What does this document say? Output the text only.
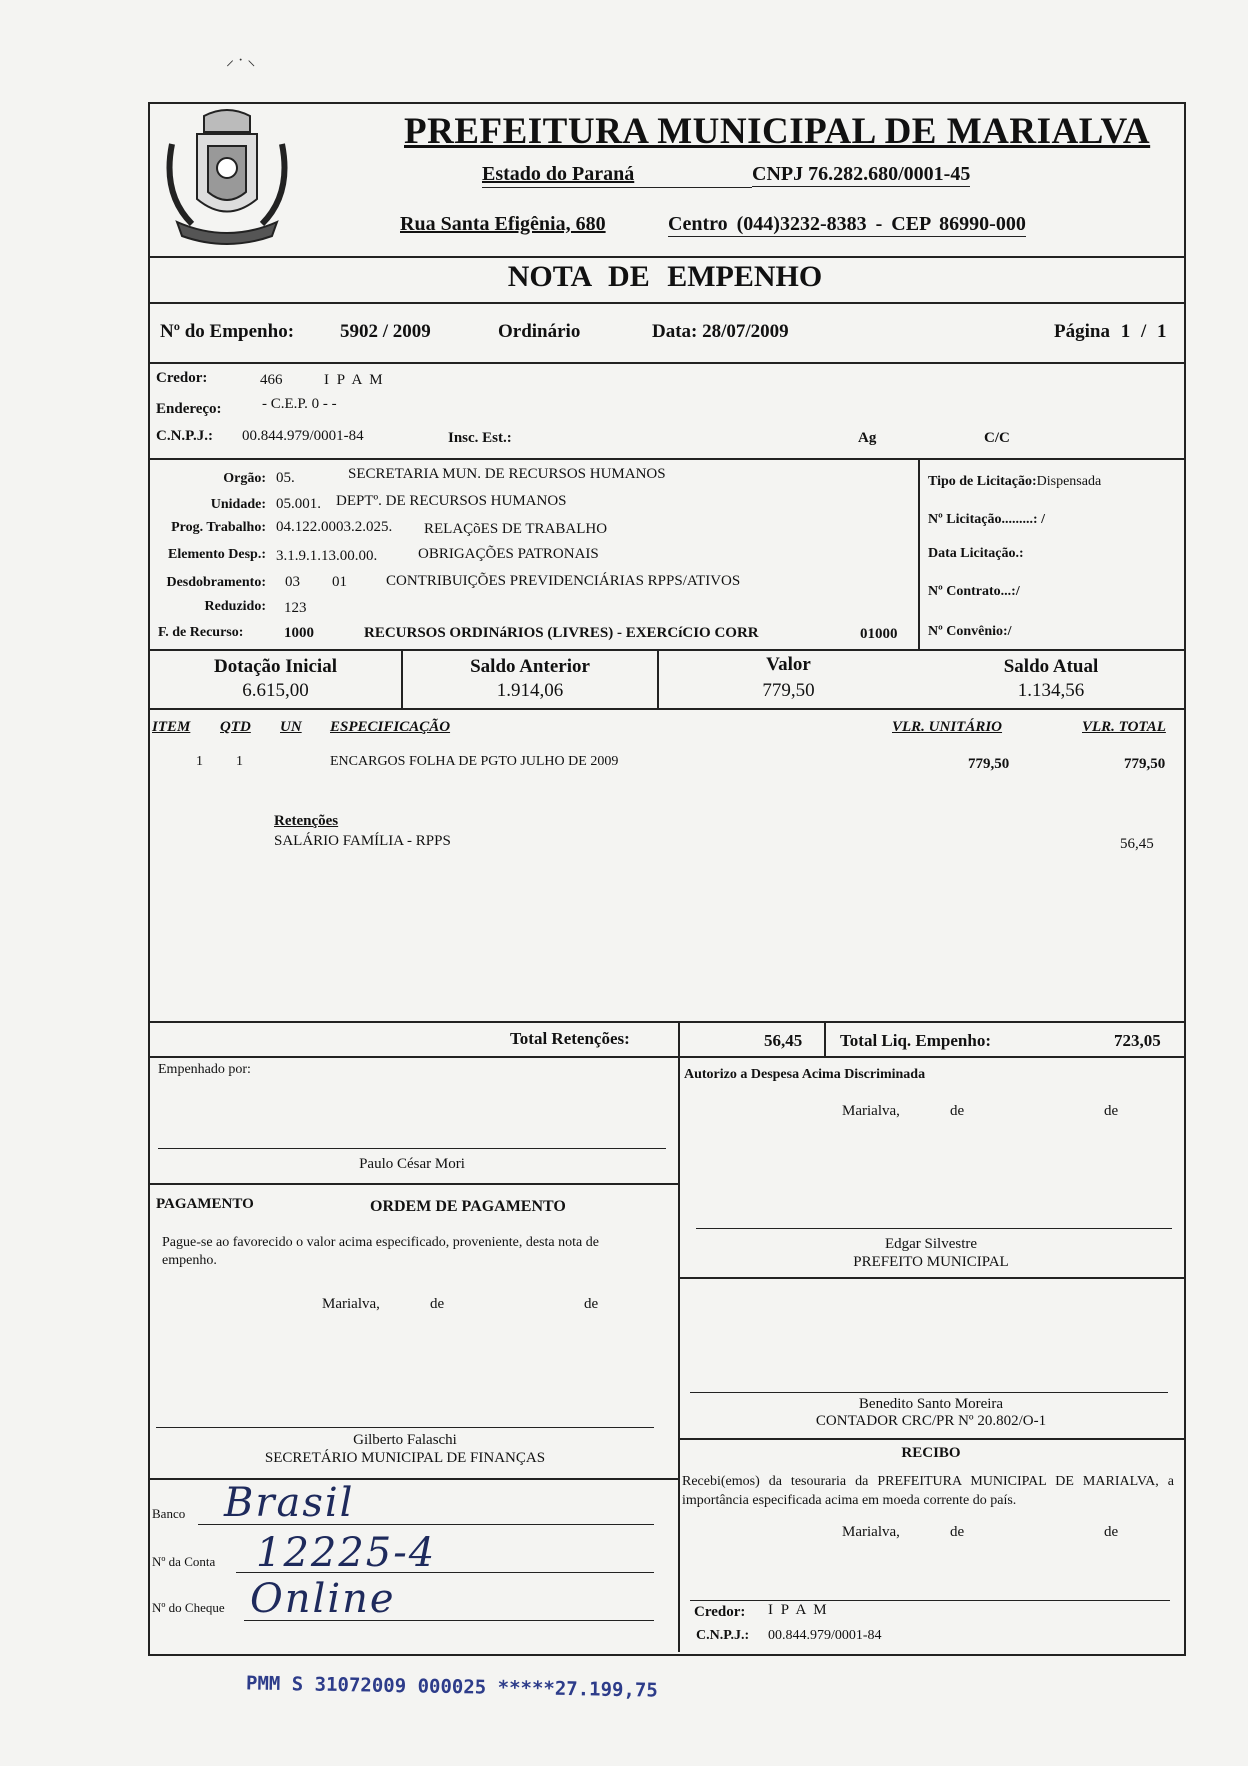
PREFEITURA MUNICIPAL DE MARIALVA
Estado do Paraná	CNPJ 76.282.680/0001-45
Rua Santa Efigênia, 680	Centro (044)3232-8383 - CEP 86990-000
NOTA DE EMPENHO
Nº do Empenho: 5902 / 2009	Ordinário	Data: 28/07/2009	Página 1 / 1
Credor:	466	I P A M
Endereço:	- C.E.P. 0 - -
C.N.P.J.: 00.844.979/0001-84	Insc. Est.:	Ag	C/C
Orgão: 05.	SECRETARIA MUN. DE RECURSOS HUMANOS
Unidade: 05.001. DEPTº. DE RECURSOS HUMANOS
Prog. Trabalho: 04.122.0003.2.025. RELAÇõES DE TRABALHO
Elemento Desp.: 3.1.9.1.13.00.00.	OBRIGAÇÕES PATRONAIS
Desdobramento: 03 01	CONTRIBUIÇÕES PREVIDENCIÁRIAS RPPS/ATIVOS
Reduzido: 123
F. de Recurso:	1000	RECURSOS ORDINáRIOS (LIVRES) - EXERCíCIO CORR	01000
Tipo de Licitação:Dispensada
Nº Licitação.........: /
Data Licitação.:
Nº Contrato...:/
Nº Convênio:/
Dotação Inicial
6.615,00
Saldo Anterior
1.914,06
Valor
779,50
Saldo Atual
1.134,56
ITEM QTD UN ESPECIFICAÇÃO	VLR. UNITÁRIO	VLR. TOTAL
1 1	ENCARGOS FOLHA DE PGTO JULHO DE 2009	779,50	779,50
Retenções
SALÁRIO FAMÍLIA - RPPS	56,45
Total Retenções:	56,45 Total Liq. Empenho:	723,05
Empenhado por:
Paulo César Mori
PAGAMENTO	ORDEM DE PAGAMENTO
Pague-se ao favorecido o valor acima especificado, proveniente, desta nota de empenho.
Marialva,	de	de
Gilberto Falaschi
SECRETÁRIO MUNICIPAL DE FINANÇAS
Banco Brasil
Nº da Conta 12225-4
Nº do Cheque Online
Autorizo a Despesa Acima Discriminada
Marialva,	de	de
Edgar Silvestre
PREFEITO MUNICIPAL
Benedito Santo Moreira
CONTADOR CRC/PR Nº 20.802/O-1
RECIBO
Recebi(emos) da tesouraria da PREFEITURA MUNICIPAL DE MARIALVA, a importância especificada acima em moeda corrente do país.
Marialva,	de	de
Credor: I P A M
C.N.P.J.: 00.844.979/0001-84
PMM S 31072009 000025 *****27.199,75
⸝ · ⸜
